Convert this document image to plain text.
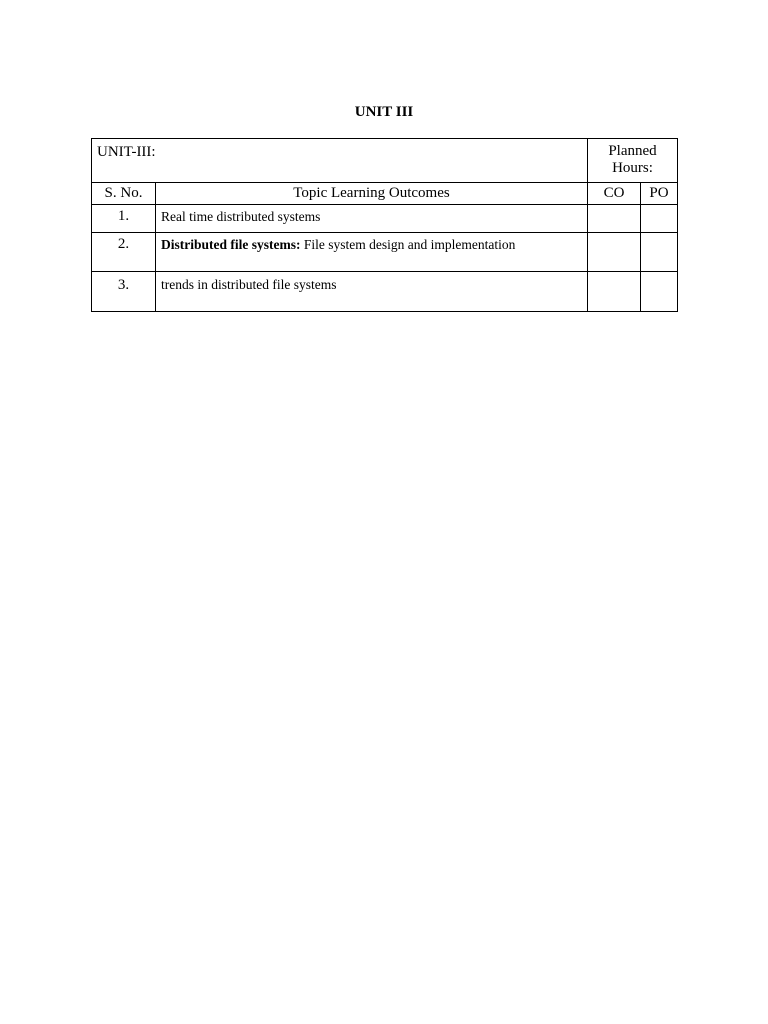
UNIT III
UNIT-III:		Planned Hours:	
S. No.	Topic Learning Outcomes	CO	PO
1.	Real time distributed systems		
2.	Distributed file systems: File system design and implementation		
3.	trends in distributed file systems		
